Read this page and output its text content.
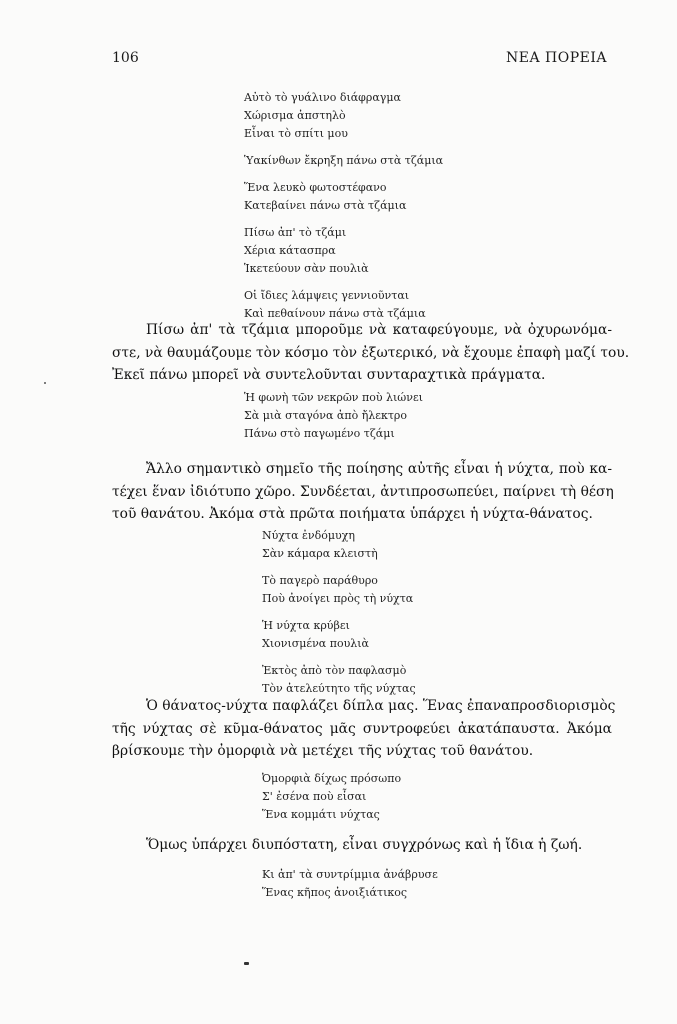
106	ΝΕΑ ΠΟΡΕΙΑ
Αὐτὸ τὸ γυάλινο διάφραγμα
Χώρισμα ἀπστηλὸ
Εἶναι τὸ σπίτι μου
Ὑακίνθων ἔκρηξη πάνω στὰ τζάμια
Ἕνα λευκὸ φωτοστέφανο
Κατεβαίνει πάνω στὰ τζάμια
Πίσω ἀπ' τὸ τζάμι
Χέρια κάτασπρα
Ἱκετεύουν σὰν πουλιὰ
Οἱ ἴδιες λάμψεις γεννιοῦνται
Καὶ πεθαίνουν πάνω στὰ τζάμια
Πίσω ἀπ' τὰ τζάμια μποροῦμε νὰ καταφεύγουμε, νὰ ὀχυρωνόμα-
στε, νὰ θαυμάζουμε τὸν κόσμο τὸν ἐξωτερικό, νὰ ἔχουμε ἐπαφὴ μαζί του.
Ἐκεῖ πάνω μπορεῖ νὰ συντελοῦνται συνταραχτικὰ πράγματα.
Ἡ φωνὴ τῶν νεκρῶν ποὺ λιώνει
Σὰ μιὰ σταγόνα ἀπὸ ἤλεκτρο
Πάνω στὸ παγωμένο τζάμι
Ἄλλο σημαντικὸ σημεῖο τῆς ποίησης αὐτῆς εἶναι ἡ νύχτα, ποὺ κα-
τέχει ἕναν ἰδιότυπο χῶρο. Συνδέεται, ἀντιπροσωπεύει, παίρνει τὴ θέση
τοῦ θανάτου. Ἀκόμα στὰ πρῶτα ποιήματα ὑπάρχει ἡ νύχτα-θάνατος.
Νύχτα ἐνδόμυχη
Σὰν κάμαρα κλειστὴ
Τὸ παγερὸ παράθυρο
Ποὺ ἀνοίγει πρὸς τὴ νύχτα
Ἡ νύχτα κρύβει
Χιονισμένα πουλιὰ
Ἐκτὸς ἀπὸ τὸν παφλασμὸ
Τὸν ἀτελεύτητο τῆς νύχτας
Ὁ θάνατος-νύχτα παφλάζει δίπλα μας. Ἕνας ἐπαναπροσδιορισμὸς
τῆς νύχτας σὲ κῦμα-θάνατος μᾶς συντροφεύει ἀκατάπαυστα. Ἀκόμα
βρίσκουμε τὴν ὀμορφιὰ νὰ μετέχει τῆς νύχτας τοῦ θανάτου.
Ὀμορφιὰ δίχως πρόσωπο
Σ' ἐσένα ποὺ εἶσαι
Ἕνα κομμάτι νύχτας
Ὅμως ὑπάρχει διυπόστατη, εἶναι συγχρόνως καὶ ἡ ἴδια ἡ ζωή.
Κι ἀπ' τὰ συντρίμμια ἀνάβρυσε
Ἕνας κῆπος ἀνοιξιάτικος
